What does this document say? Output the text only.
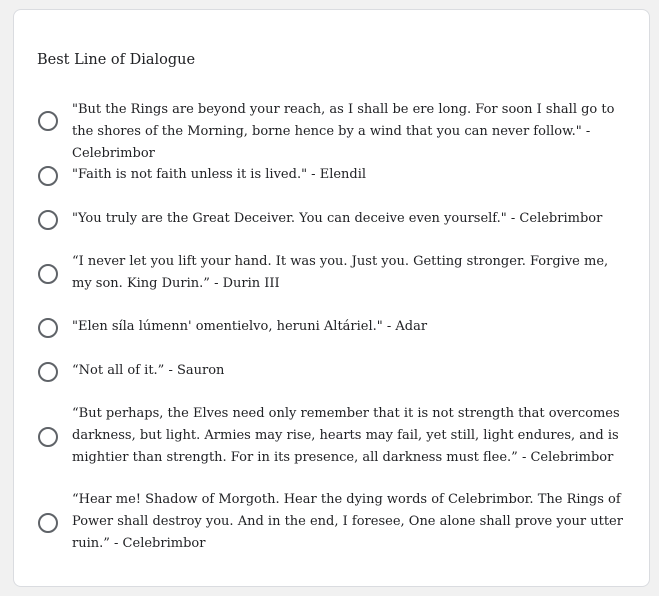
Best Line of Dialogue
"But the Rings are beyond your reach, as I shall be ere long. For soon I shall go to the shores of the Morning, borne hence by a wind that you can never follow." - Celebrimbor
"Faith is not faith unless it is lived." - Elendil
"You truly are the Great Deceiver. You can deceive even yourself." - Celebrimbor
“I never let you lift your hand. It was you. Just you. Getting stronger. Forgive me, my son. King Durin.” - Durin III
"Elen síla lúmenn' omentielvo, heruni Altáriel." - Adar
“Not all of it.” - Sauron
“But perhaps, the Elves need only remember that it is not strength that overcomes darkness, but light. Armies may rise, hearts may fail, yet still, light endures, and is mightier than strength. For in its presence, all darkness must flee.” - Celebrimbor
“Hear me! Shadow of Morgoth. Hear the dying words of Celebrimbor. The Rings of Power shall destroy you. And in the end, I foresee, One alone shall prove your utter ruin.” - Celebrimbor
